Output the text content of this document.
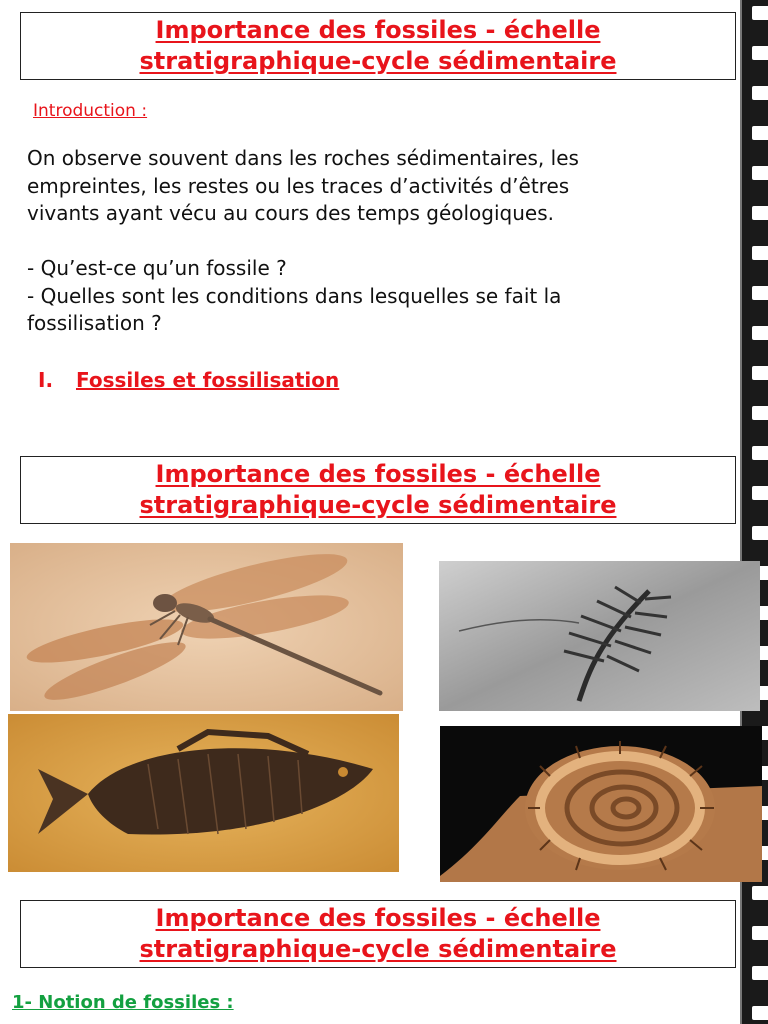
Importance des fossiles - échelle
stratigraphique-cycle sédimentaire
Introduction :
On observe souvent dans les roches sédimentaires, les
empreintes, les restes ou les traces d’activités d’êtres
vivants ayant vécu au cours des temps géologiques.
- Qu’est-ce qu’un fossile ?
- Quelles sont les conditions dans lesquelles se fait la
fossilisation ?
I. Fossiles et fossilisation
Importance des fossiles - échelle
stratigraphique-cycle sédimentaire
Importance des fossiles - échelle
stratigraphique-cycle sédimentaire
1- Notion de fossiles :
